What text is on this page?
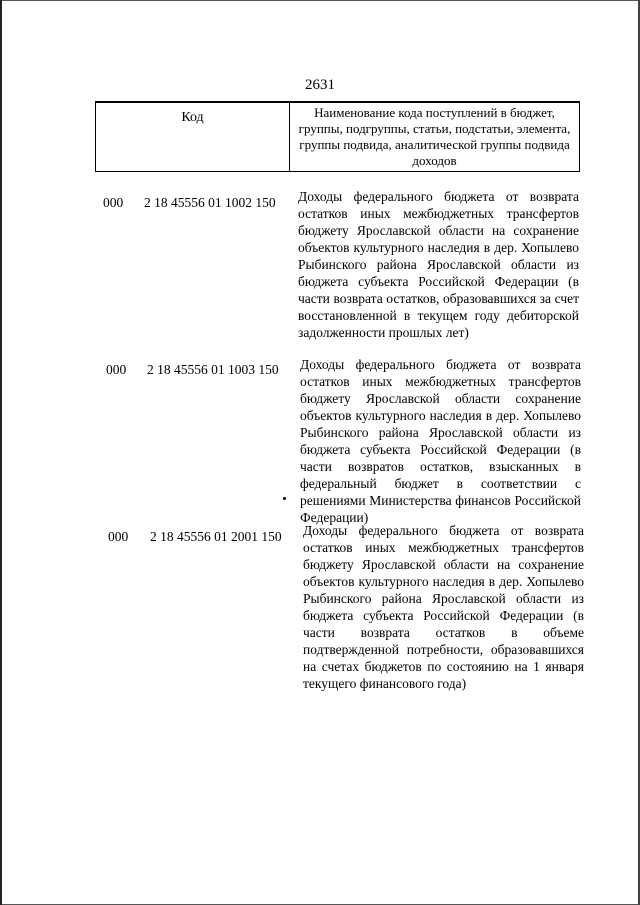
2631
Код	Наименование кода поступлений в бюджет, группы, подгруппы, статьи, подстатьи, элемента, группы подвида, аналитической группы подвида доходов
000 2 18 45556 01 1002 150 Доходы федерального бюджета от возврата остатков иных межбюджетных трансфертов бюджету Ярославской области на сохранение объектов культурного наследия в дер. Хопылево Рыбинского района Ярославской области из бюджета субъекта Российской Федерации (в части возврата остатков, образовавшихся за счет восстановленной в текущем году дебиторской задолженности прошлых лет)
000 2 18 45556 01 1003 150 Доходы федерального бюджета от возврата остатков иных межбюджетных трансфертов бюджету Ярославской области сохранение объектов культурного наследия в дер. Хопылево Рыбинского района Ярославской области из бюджета субъекта Российской Федерации (в части возвратов остатков, взысканных в федеральный бюджет в соответствии с решениями Министерства финансов Российской Федерации)
000 2 18 45556 01 2001 150 Доходы федерального бюджета от возврата остатков иных межбюджетных трансфертов бюджету Ярославской области на сохранение объектов культурного наследия в дер. Хопылево Рыбинского района Ярославской области из бюджета субъекта Российской Федерации (в части возврата остатков в объеме подтвержденной потребности, образовавшихся на счетах бюджетов по состоянию на 1 января текущего финансового года)
